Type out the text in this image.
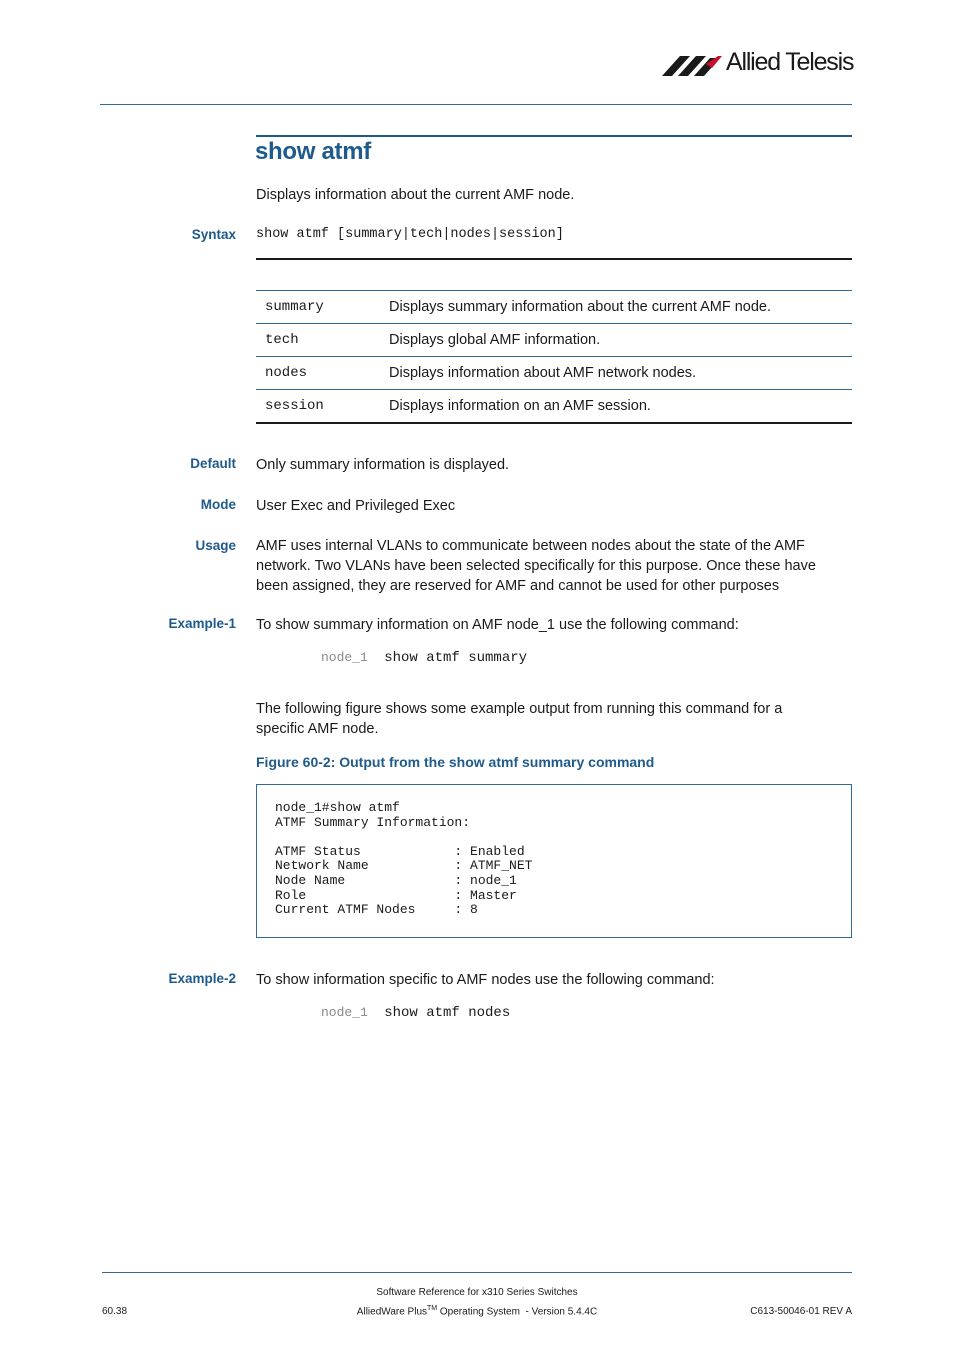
Allied Telesis
show atmf
Displays information about the current AMF node.
Syntax show atmf [summary|tech|nodes|session]
summary	Displays summary information about the current AMF node.
tech	Displays global AMF information.
nodes	Displays information about AMF network nodes.
session	Displays information on an AMF session.
Default Only summary information is displayed.
Mode User Exec and Privileged Exec
Usage AMF uses internal VLANs to communicate between nodes about the state of the AMF
network. Two VLANs have been selected specifically for this purpose. Once these have
been assigned, they are reserved for AMF and cannot be used for other purposes
Example-1 To show summary information on AMF node_1 use the following command:
node_1 show atmf summary
The following figure shows some example output from running this command for a
specific AMF node.
Figure 60-2: Output from the show atmf summary command
node_1#show atmf
ATMF Summary Information:

ATMF Status            : Enabled
Network Name           : ATMF_NET
Node Name              : node_1
Role                   : Master
Current ATMF Nodes     : 8
Example-2 To show information specific to AMF nodes use the following command:
node_1 show atmf nodes
Software Reference for x310 Series Switches
AlliedWare Plus™ Operating System  - Version 5.4.4C
60.38	C613-50046-01 REV A
